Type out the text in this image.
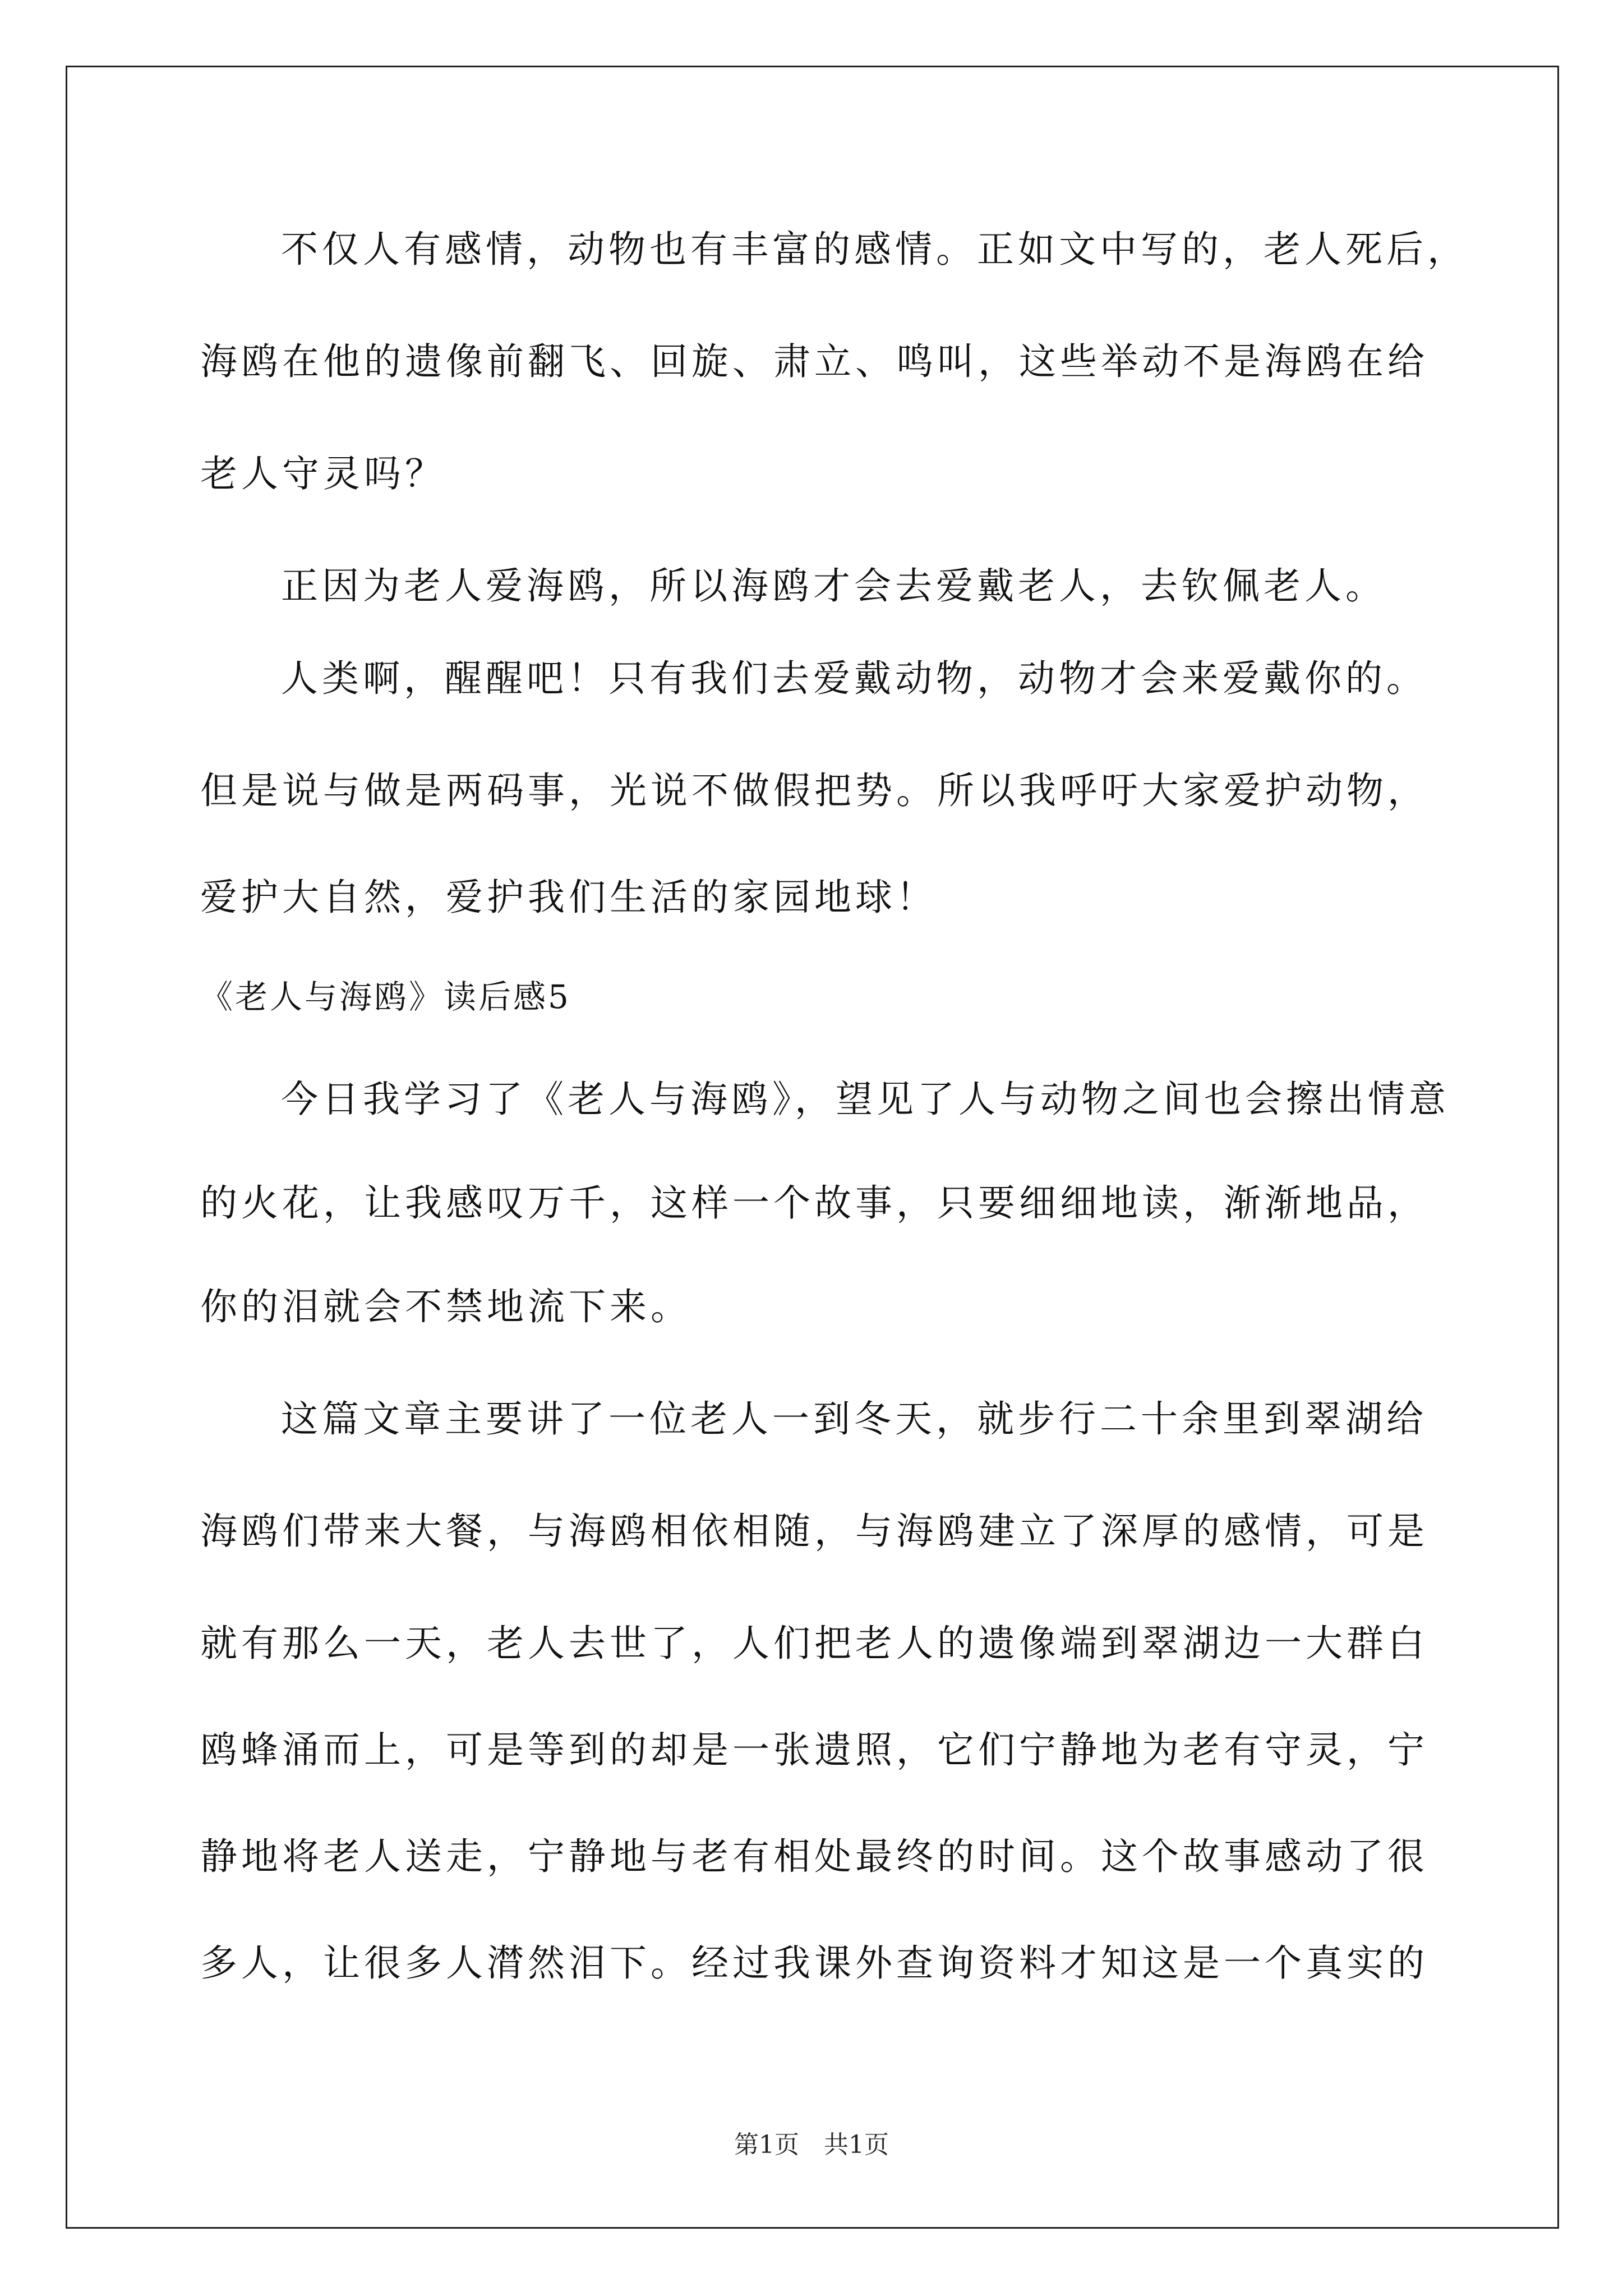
不仅人有感情，动物也有丰富的感情。正如文中写的，老人死后，
海鸥在他的遗像前翻飞、回旋、肃立、鸣叫，这些举动不是海鸥在给
老人守灵吗？
正因为老人爱海鸥，所以海鸥才会去爱戴老人，去钦佩老人。
人类啊，醒醒吧！只有我们去爱戴动物，动物才会来爱戴你的。
但是说与做是两码事，光说不做假把势。所以我呼吁大家爱护动物，
爱护大自然，爱护我们生活的家园地球！
《老人与海鸥》读后感5
今日我学习了《老人与海鸥》，望见了人与动物之间也会擦出情意
的火花，让我感叹万千，这样一个故事，只要细细地读，渐渐地品，
你的泪就会不禁地流下来。
这篇文章主要讲了一位老人一到冬天，就步行二十余里到翠湖给
海鸥们带来大餐，与海鸥相依相随，与海鸥建立了深厚的感情，可是
就有那么一天，老人去世了，人们把老人的遗像端到翠湖边一大群白
鸥蜂涌而上，可是等到的却是一张遗照，它们宁静地为老有守灵，宁
静地将老人送走，宁静地与老有相处最终的时间。这个故事感动了很
多人，让很多人潸然泪下。经过我课外查询资料才知这是一个真实的
第1页　共1页
